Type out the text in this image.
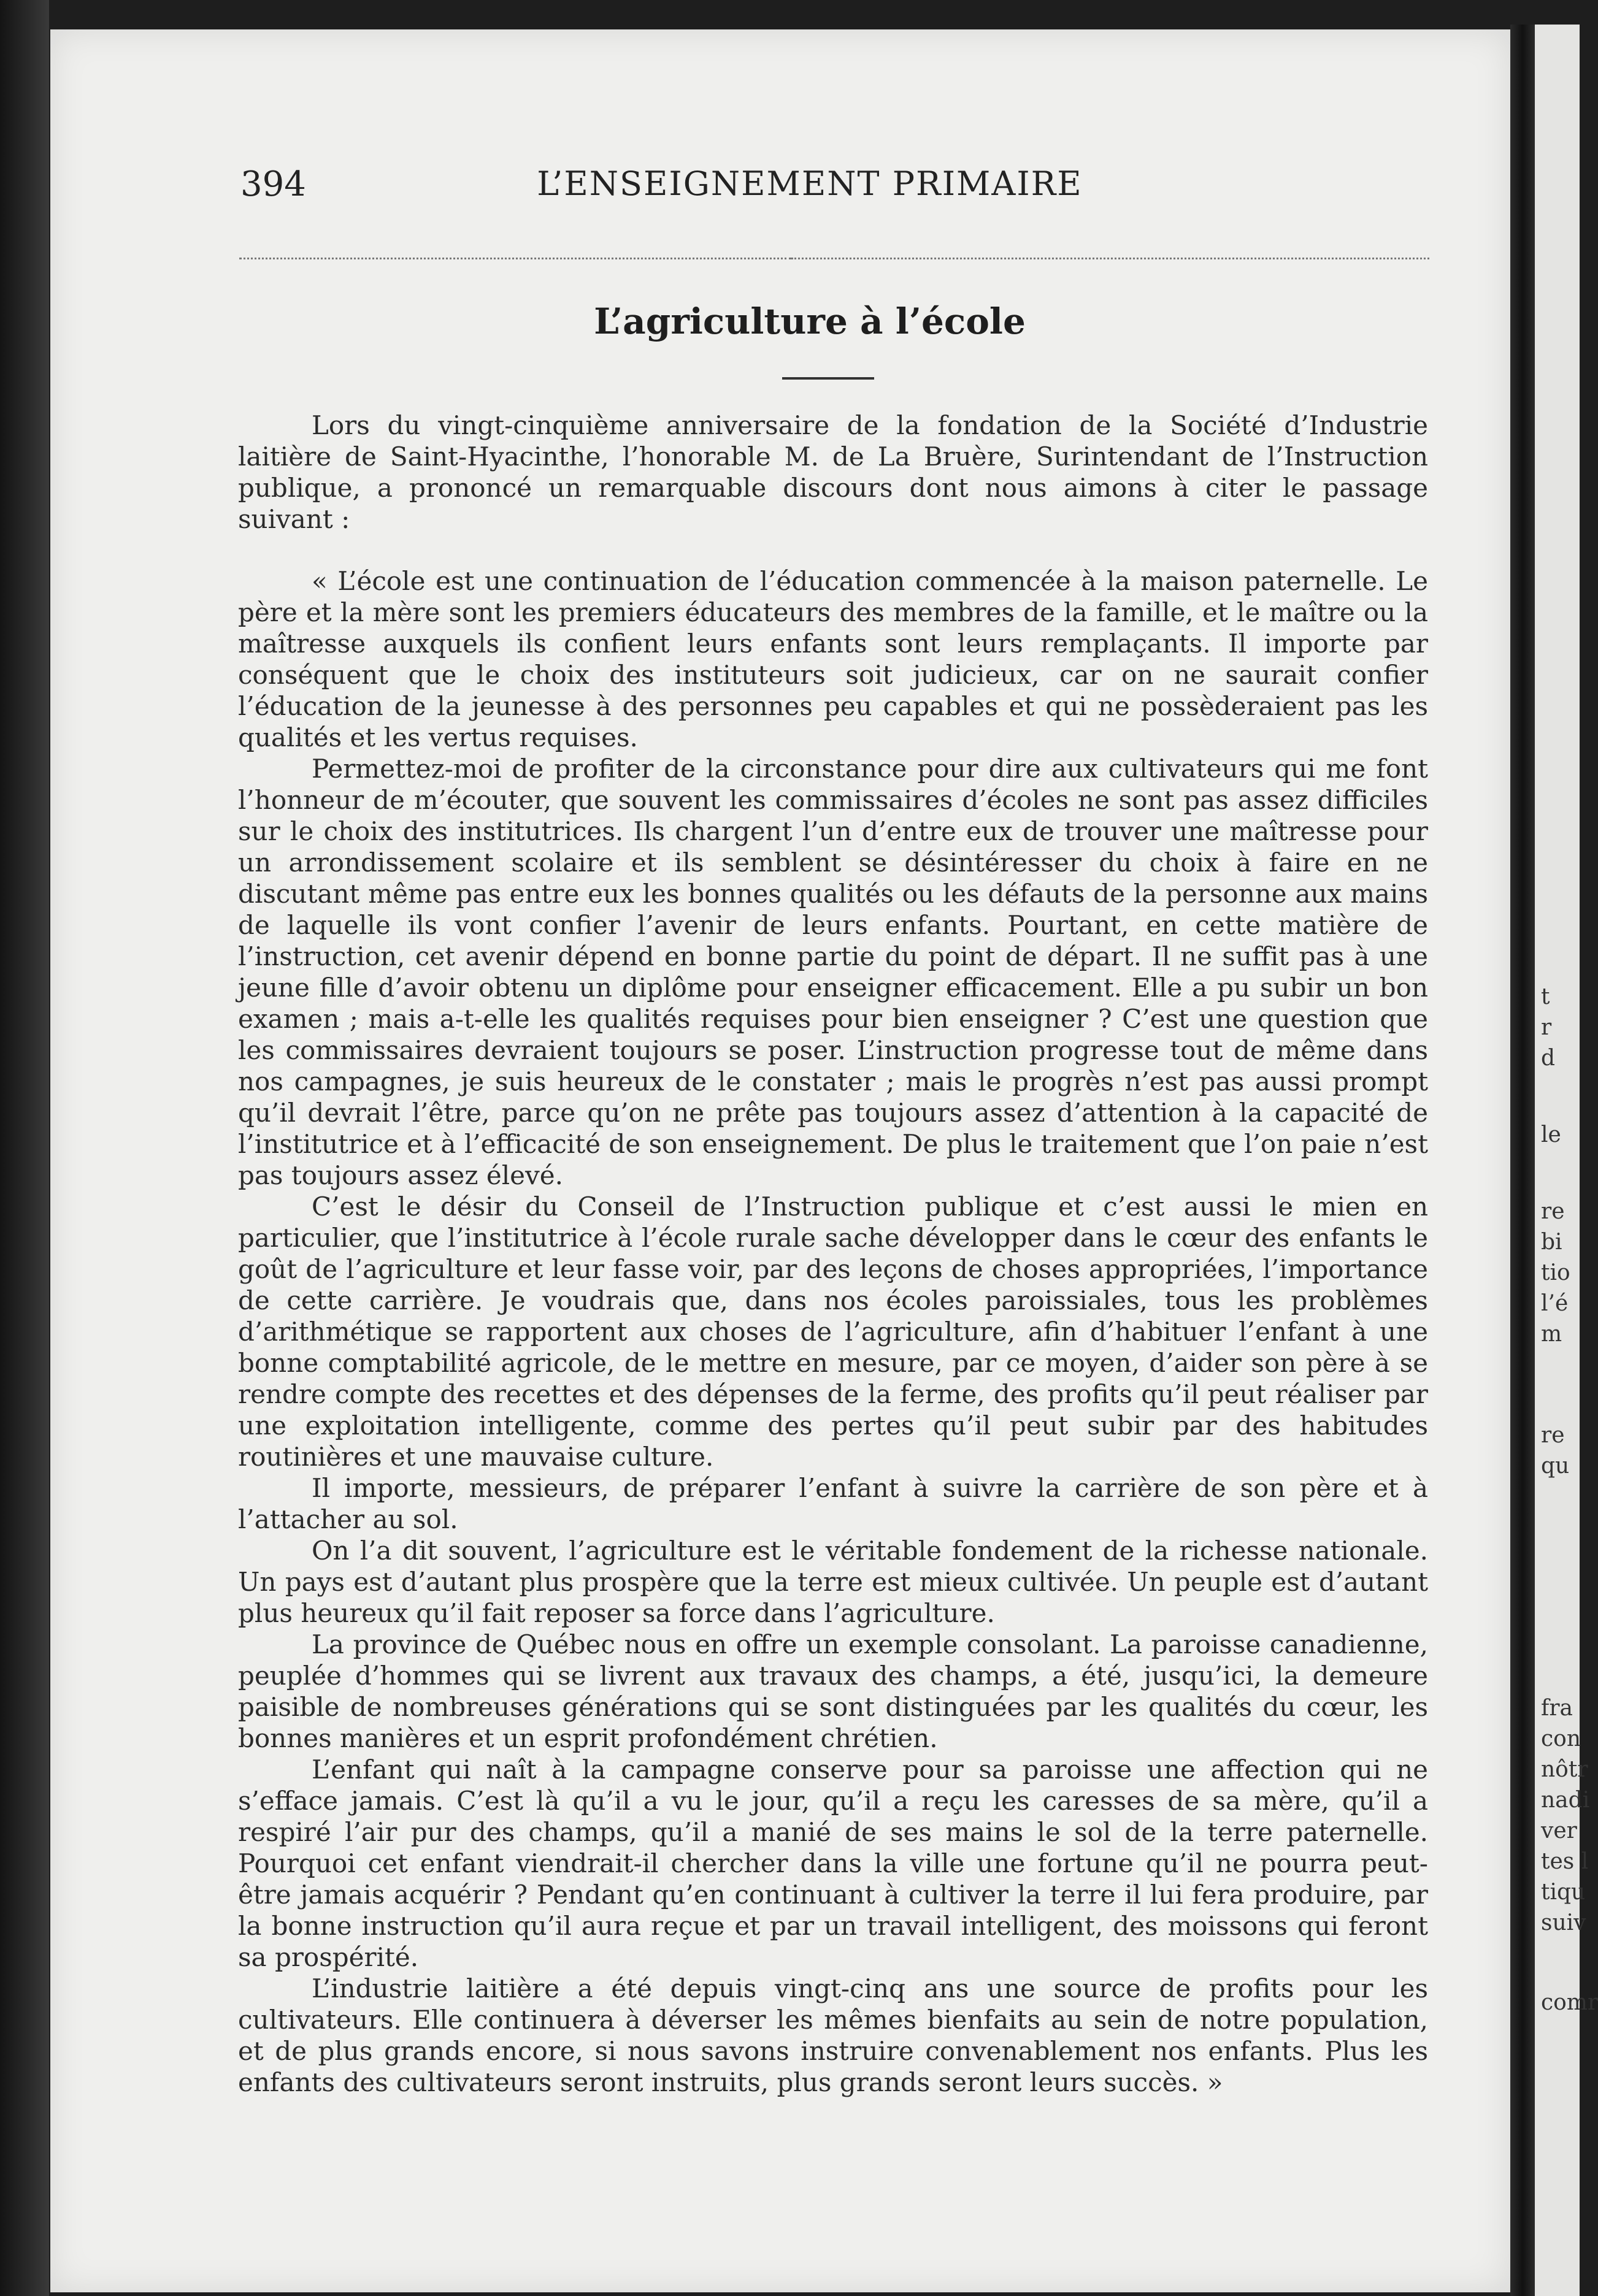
t
r
d
le
re
bi
tio
l’é
m
re
qu
fra
con
nôtr
nadi
ver
tes l
tiqu
suiv
comr
394	L’ENSEIGNEMENT PRIMAIRE
L’agriculture à l’école

Lors du vingt-cinquième anniversaire de la fondation de la Société d’Industrie laitière de Saint-Hyacinthe, l’honorable M. de La Bruère, Surintendant de l’Instruction publique, a prononcé un remarquable discours dont nous aimons à citer le passage suivant :

« L’école est une continuation de l’éducation commencée à la maison paternelle. Le père et la mère sont les premiers éducateurs des membres de la famille, et le maître ou la maîtresse auxquels ils confient leurs enfants sont leurs remplaçants. Il importe par conséquent que le choix des instituteurs soit judicieux, car on ne saurait confier l’éducation de la jeunesse à des personnes peu capables et qui ne possèderaient pas les qualités et les vertus requises.

Permettez-moi de profiter de la circonstance pour dire aux cultivateurs qui me font l’honneur de m’écouter, que souvent les commissaires d’écoles ne sont pas assez difficiles sur le choix des institutrices. Ils chargent l’un d’entre eux de trouver une maîtresse pour un arrondissement scolaire et ils semblent se désintéresser du choix à faire en ne discutant même pas entre eux les bonnes qualités ou les défauts de la personne aux mains de laquelle ils vont confier l’avenir de leurs enfants. Pourtant, en cette matière de l’instruction, cet avenir dépend en bonne partie du point de départ. Il ne suffit pas à une jeune fille d’avoir obtenu un diplôme pour enseigner efficacement. Elle a pu subir un bon examen ; mais a-t-elle les qualités requises pour bien enseigner ? C’est une question que les commissaires devraient toujours se poser. L’instruction progresse tout de même dans nos campagnes, je suis heureux de le constater ; mais le progrès n’est pas aussi prompt qu’il devrait l’être, parce qu’on ne prête pas toujours assez d’attention à la capacité de l’institutrice et à l’efficacité de son enseignement. De plus le traitement que l’on paie n’est pas toujours assez élevé.

C’est le désir du Conseil de l’Instruction publique et c’est aussi le mien en particulier, que l’institutrice à l’école rurale sache développer dans le cœur des enfants le goût de l’agriculture et leur fasse voir, par des leçons de choses appropriées, l’importance de cette carrière. Je voudrais que, dans nos écoles paroissiales, tous les problèmes d’arithmétique se rapportent aux choses de l’agriculture, afin d’habituer l’enfant à une bonne comptabilité agricole, de le mettre en mesure, par ce moyen, d’aider son père à se rendre compte des recettes et des dépenses de la ferme, des profits qu’il peut réaliser par une exploitation intelligente, comme des pertes qu’il peut subir par des habitudes routinières et une mauvaise culture.

Il importe, messieurs, de préparer l’enfant à suivre la carrière de son père et à l’attacher au sol.

On l’a dit souvent, l’agriculture est le véritable fondement de la richesse nationale. Un pays est d’autant plus prospère que la terre est mieux cultivée. Un peuple est d’autant plus heureux qu’il fait reposer sa force dans l’agriculture.

La province de Québec nous en offre un exemple consolant. La paroisse canadienne, peuplée d’hommes qui se livrent aux travaux des champs, a été, jusqu’ici, la demeure paisible de nombreuses générations qui se sont distinguées par les qualités du cœur, les bonnes manières et un esprit profondément chrétien.

L’enfant qui naît à la campagne conserve pour sa paroisse une affection qui ne s’efface jamais. C’est là qu’il a vu le jour, qu’il a reçu les caresses de sa mère, qu’il a respiré l’air pur des champs, qu’il a manié de ses mains le sol de la terre paternelle. Pourquoi cet enfant viendrait-il chercher dans la ville une fortune qu’il ne pourra peut-être jamais acquérir ? Pendant qu’en continuant à cultiver la terre il lui fera produire, par la bonne instruction qu’il aura reçue et par un travail intelligent, des moissons qui feront sa prospérité.

L’industrie laitière a été depuis vingt-cinq ans une source de profits pour les cultivateurs. Elle continuera à déverser les mêmes bienfaits au sein de notre population, et de plus grands encore, si nous savons instruire convenablement nos enfants. Plus les enfants des cultivateurs seront instruits, plus grands seront leurs succès. »
